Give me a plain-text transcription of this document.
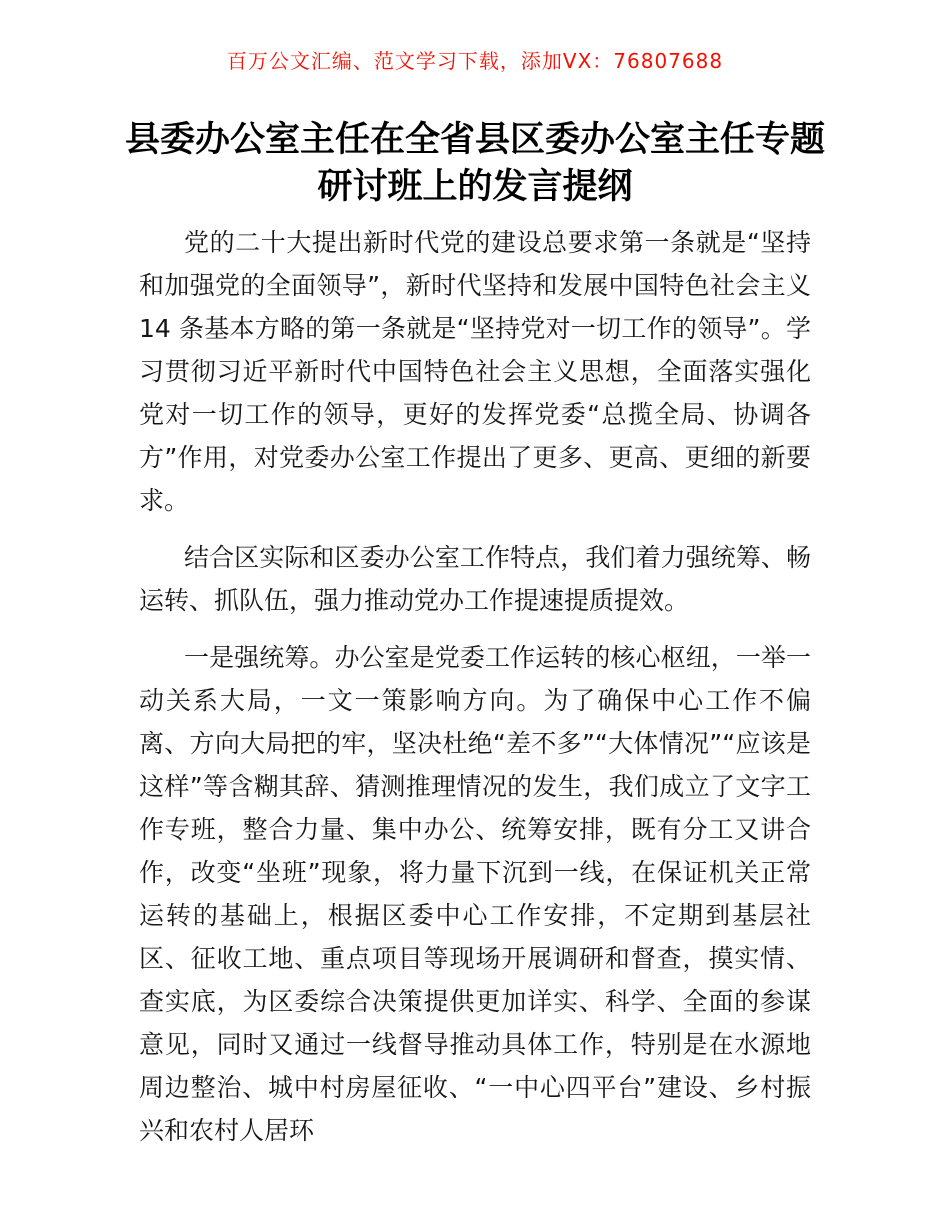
百万公文汇编、范文学习下载，添加VX：76807688

县委办公室主任在全省县区委办公室主任专题
研讨班上的发言提纲

党的二十大提出新时代党的建设总要求第一条就是“坚持和加强党的全面领导”，新时代坚持和发展中国特色社会主义14 条基本方略的第一条就是“坚持党对一切工作的领导”。学习贯彻习近平新时代中国特色社会主义思想，全面落实强化党对一切工作的领导，更好的发挥党委“总揽全局、协调各方”作用，对党委办公室工作提出了更多、更高、更细的新要求。

结合区实际和区委办公室工作特点，我们着力强统筹、畅运转、抓队伍，强力推动党办工作提速提质提效。

一是强统筹。办公室是党委工作运转的核心枢纽，一举一动关系大局，一文一策影响方向。为了确保中心工作不偏离、方向大局把的牢，坚决杜绝“差不多”“大体情况”“应该是这样”等含糊其辞、猜测推理情况的发生，我们成立了文字工作专班，整合力量、集中办公、统筹安排，既有分工又讲合作，改变“坐班”现象，将力量下沉到一线，在保证机关正常运转的基础上，根据区委中心工作安排，不定期到基层社区、征收工地、重点项目等现场开展调研和督查，摸实情、查实底，为区委综合决策提供更加详实、科学、全面的参谋意见，同时又通过一线督导推动具体工作，特别是在水源地周边整治、城中村房屋征收、“一中心四平台”建设、乡村振兴和农村人居环
